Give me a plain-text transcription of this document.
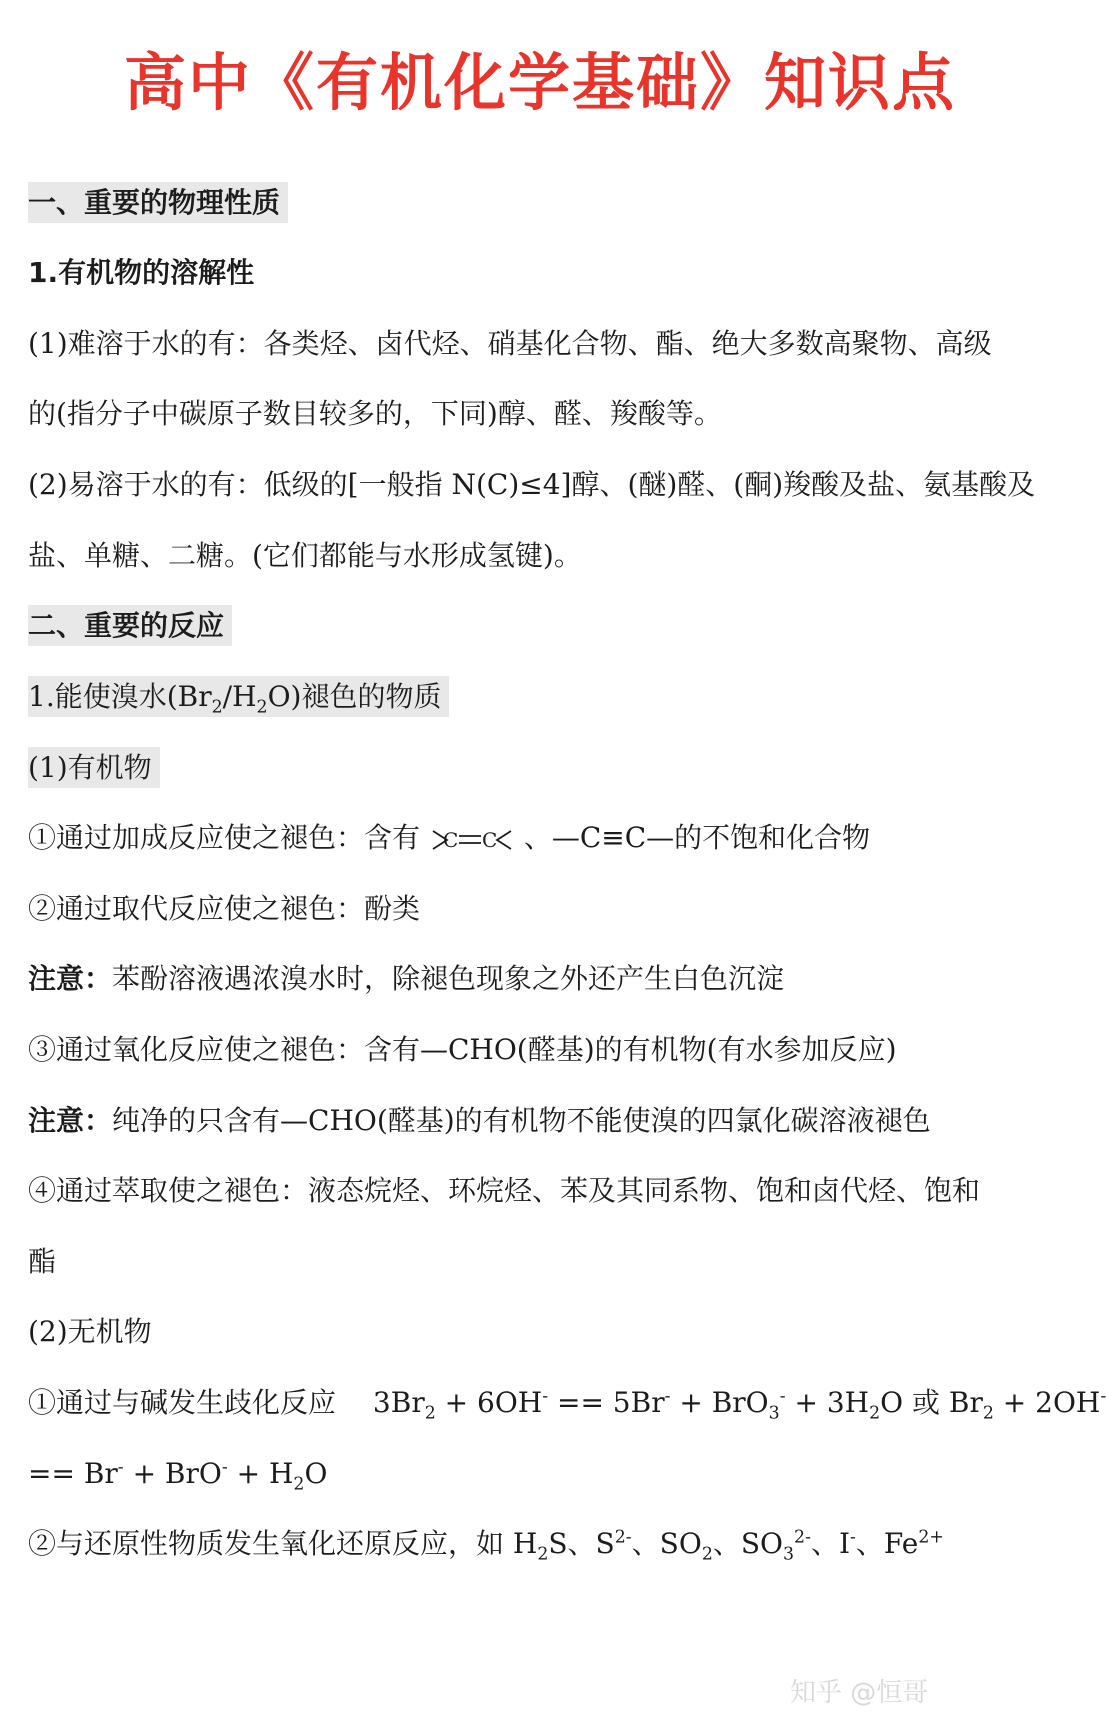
高中《有机化学基础》知识点
一、重要的物理性质
1.有机物的溶解性
(1)难溶于水的有：各类烃、卤代烃、硝基化合物、酯、绝大多数高聚物、高级
的(指分子中碳原子数目较多的，下同)醇、醛、羧酸等。
(2)易溶于水的有：低级的[一般指 N(C)≤4]醇、(醚)醛、(酮)羧酸及盐、氨基酸及
盐、单糖、二糖。(它们都能与水形成氢键)。
二、重要的反应
1.能使溴水$(Br_2/H_2O)$褪色的物质
(1)有机物
①通过加成反应使之褪色：含有 C C 、—C≡C—的不饱和化合物
②通过取代反应使之褪色：酚类
注意：苯酚溶液遇浓溴水时，除褪色现象之外还产生白色沉淀
③通过氧化反应使之褪色：含有—CHO(醛基)的有机物(有水参加反应)
注意：纯净的只含有—CHO(醛基)的有机物不能使溴的四氯化碳溶液褪色
④通过萃取使之褪色：液态烷烃、环烷烃、苯及其同系物、饱和卤代烃、饱和
酯
(2)无机物
①通过与碱发生歧化反应 $3Br_2 + 6OH^- == 5Br^- + BrO_3^- + 3H_2O$ 或 $Br_2 + 2OH^-$
== $Br^- + BrO^- + H_2O$
②与还原性物质发生氧化还原反应，如 $H_2S$、$S^{2-}$、$SO_2$、$SO_3^{2-}$、I-、$Fe^{2+}$
知乎 @恒哥
